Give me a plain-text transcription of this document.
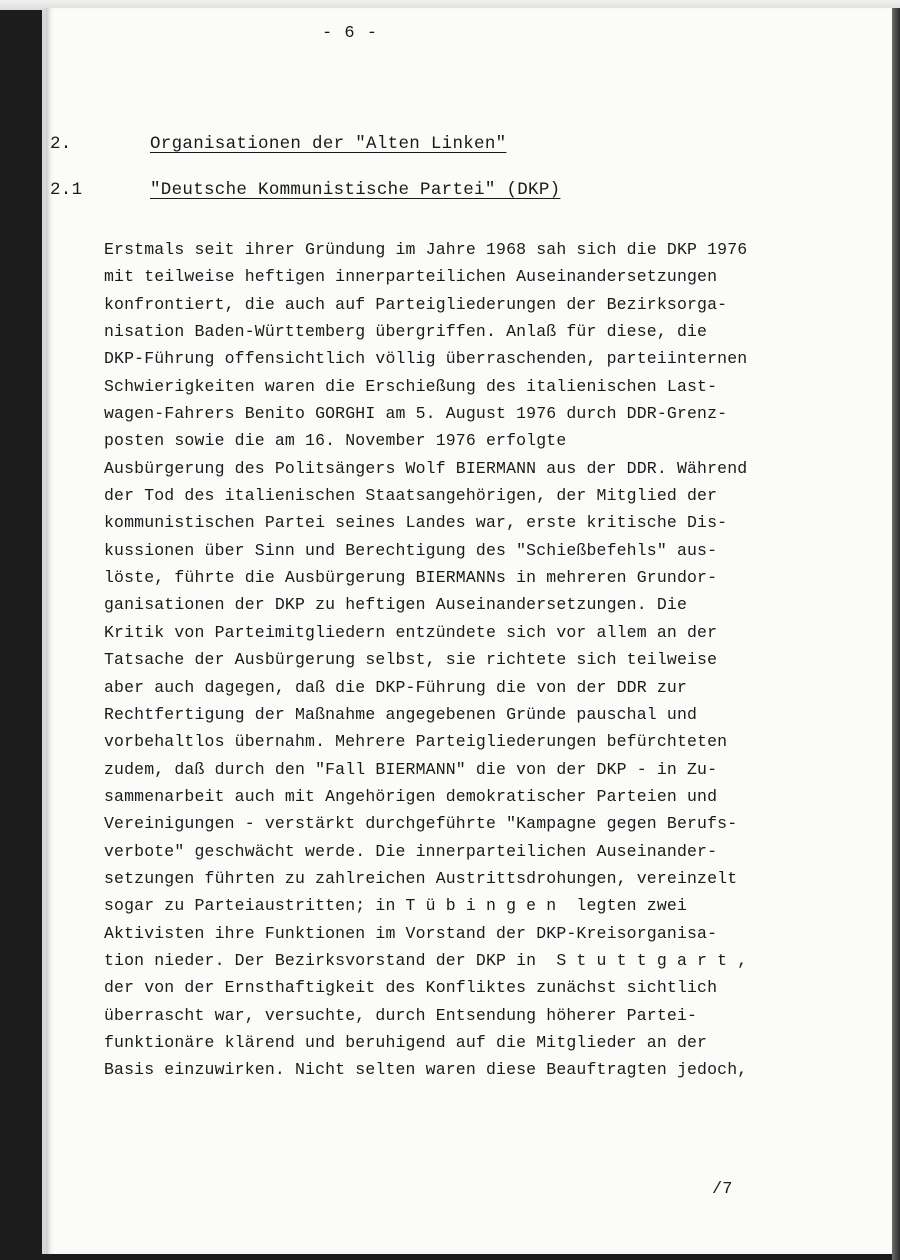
- 6 -
2.	Organisationen der "Alten Linken"
2.1	"Deutsche Kommunistische Partei" (DKP)
Erstmals seit ihrer Gründung im Jahre 1968 sah sich die DKP 1976
mit teilweise heftigen innerparteilichen Auseinandersetzungen
konfrontiert, die auch auf Parteigliederungen der Bezirksorga-
nisation Baden-Württemberg übergriffen. Anlaß für diese, die
DKP-Führung offensichtlich völlig überraschenden, parteiinternen
Schwierigkeiten waren die Erschießung des italienischen Last-
wagen-Fahrers Benito GORGHI am 5. August 1976 durch DDR-Grenz-
posten sowie die am 16. November 1976 erfolgte
Ausbürgerung des Politsängers Wolf BIERMANN aus der DDR. Während
der Tod des italienischen Staatsangehörigen, der Mitglied der
kommunistischen Partei seines Landes war, erste kritische Dis-
kussionen über Sinn und Berechtigung des "Schießbefehls" aus-
löste, führte die Ausbürgerung BIERMANNs in mehreren Grundor-
ganisationen der DKP zu heftigen Auseinandersetzungen. Die
Kritik von Parteimitgliedern entzündete sich vor allem an der
Tatsache der Ausbürgerung selbst, sie richtete sich teilweise
aber auch dagegen, daß die DKP-Führung die von der DDR zur
Rechtfertigung der Maßnahme angegebenen Gründe pauschal und
vorbehaltlos übernahm. Mehrere Parteigliederungen befürchteten
zudem, daß durch den "Fall BIERMANN" die von der DKP - in Zu-
sammenarbeit auch mit Angehörigen demokratischer Parteien und
Vereinigungen - verstärkt durchgeführte "Kampagne gegen Berufs-
verbote" geschwächt werde. Die innerparteilichen Auseinander-
setzungen führten zu zahlreichen Austrittsdrohungen, vereinzelt
sogar zu Parteiaustritten; in T ü b i n g e n  legten zwei
Aktivisten ihre Funktionen im Vorstand der DKP-Kreisorganisa-
tion nieder. Der Bezirksvorstand der DKP in  S t u t t g a r t ,
der von der Ernsthaftigkeit des Konfliktes zunächst sichtlich
überrascht war, versuchte, durch Entsendung höherer Partei-
funktionäre klärend und beruhigend auf die Mitglieder an der
Basis einzuwirken. Nicht selten waren diese Beauftragten jedoch,
/7
